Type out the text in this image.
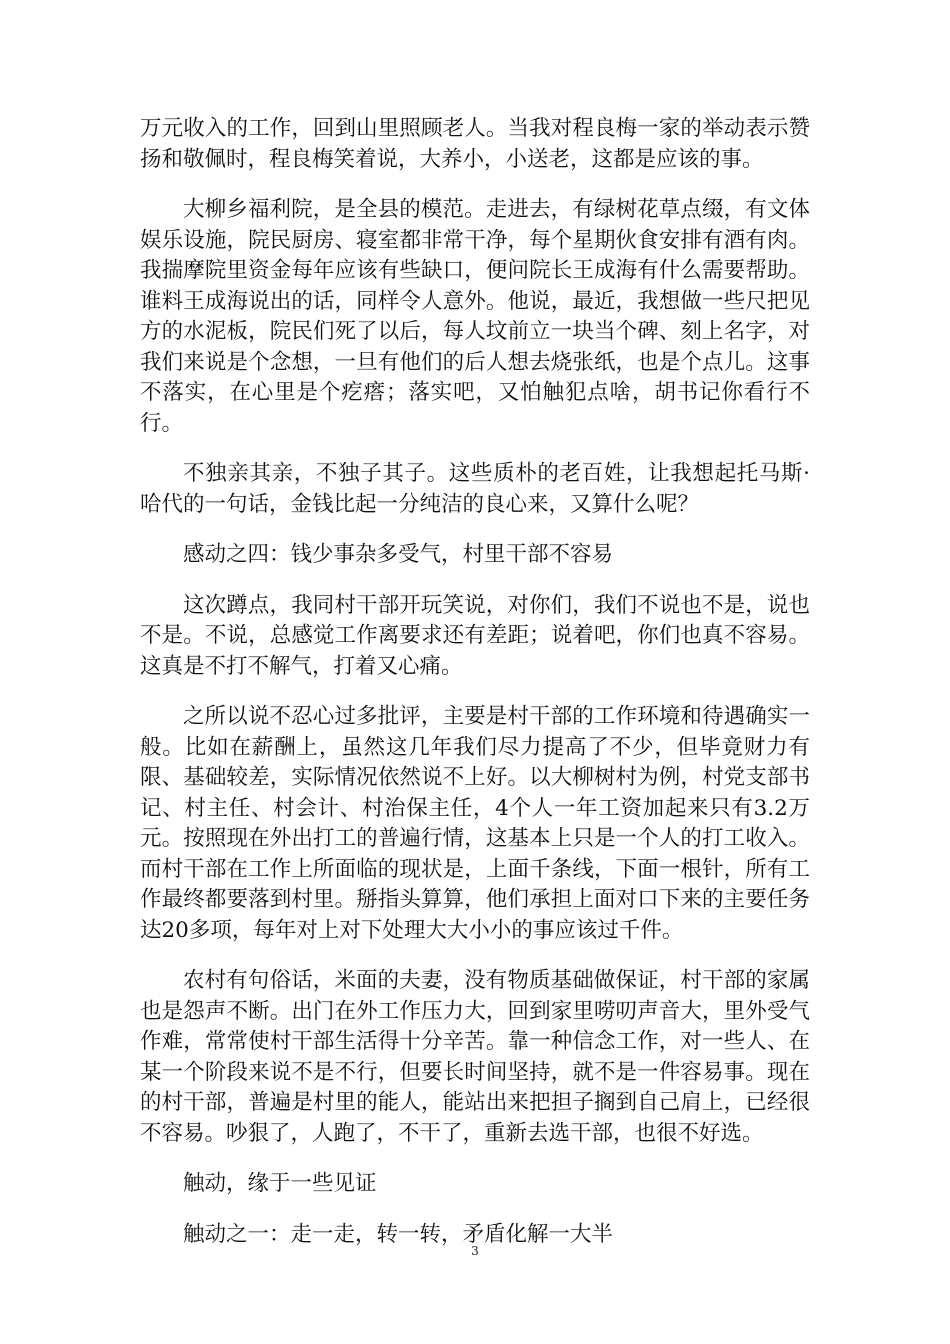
万元收入的工作，回到山里照顾老人。当我对程良梅一家的举动表示赞扬和敬佩时，程良梅笑着说，大养小，小送老，这都是应该的事。

大柳乡福利院，是全县的模范。走进去，有绿树花草点缀，有文体娱乐设施，院民厨房、寝室都非常干净，每个星期伙食安排有酒有肉。我揣摩院里资金每年应该有些缺口，便问院长王成海有什么需要帮助。谁料王成海说出的话，同样令人意外。他说，最近，我想做一些尺把见方的水泥板，院民们死了以后，每人坟前立一块当个碑、刻上名字，对我们来说是个念想，一旦有他们的后人想去烧张纸，也是个点儿。这事不落实，在心里是个疙瘩；落实吧，又怕触犯点啥，胡书记你看行不行。

不独亲其亲，不独子其子。这些质朴的老百姓，让我想起托马斯·哈代的一句话，金钱比起一分纯洁的良心来，又算什么呢？

感动之四：钱少事杂多受气，村里干部不容易

这次蹲点，我同村干部开玩笑说，对你们，我们不说也不是，说也不是。不说，总感觉工作离要求还有差距；说着吧，你们也真不容易。这真是不打不解气，打着又心痛。

之所以说不忍心过多批评，主要是村干部的工作环境和待遇确实一般。比如在薪酬上，虽然这几年我们尽力提高了不少，但毕竟财力有限、基础较差，实际情况依然说不上好。以大柳树村为例，村党支部书记、村主任、村会计、村治保主任，4个人一年工资加起来只有3.2万元。按照现在外出打工的普遍行情，这基本上只是一个人的打工收入。而村干部在工作上所面临的现状是，上面千条线，下面一根针，所有工作最终都要落到村里。掰指头算算，他们承担上面对口下来的主要任务达20多项，每年对上对下处理大大小小的事应该过千件。

农村有句俗话，米面的夫妻，没有物质基础做保证，村干部的家属也是怨声不断。出门在外工作压力大，回到家里唠叨声音大，里外受气作难，常常使村干部生活得十分辛苦。靠一种信念工作，对一些人、在某一个阶段来说不是不行，但要长时间坚持，就不是一件容易事。现在的村干部，普遍是村里的能人，能站出来把担子搁到自己肩上，已经很不容易。吵狠了，人跑了，不干了，重新去选干部，也很不好选。

触动，缘于一些见证

触动之一：走一走，转一转，矛盾化解一大半

3
